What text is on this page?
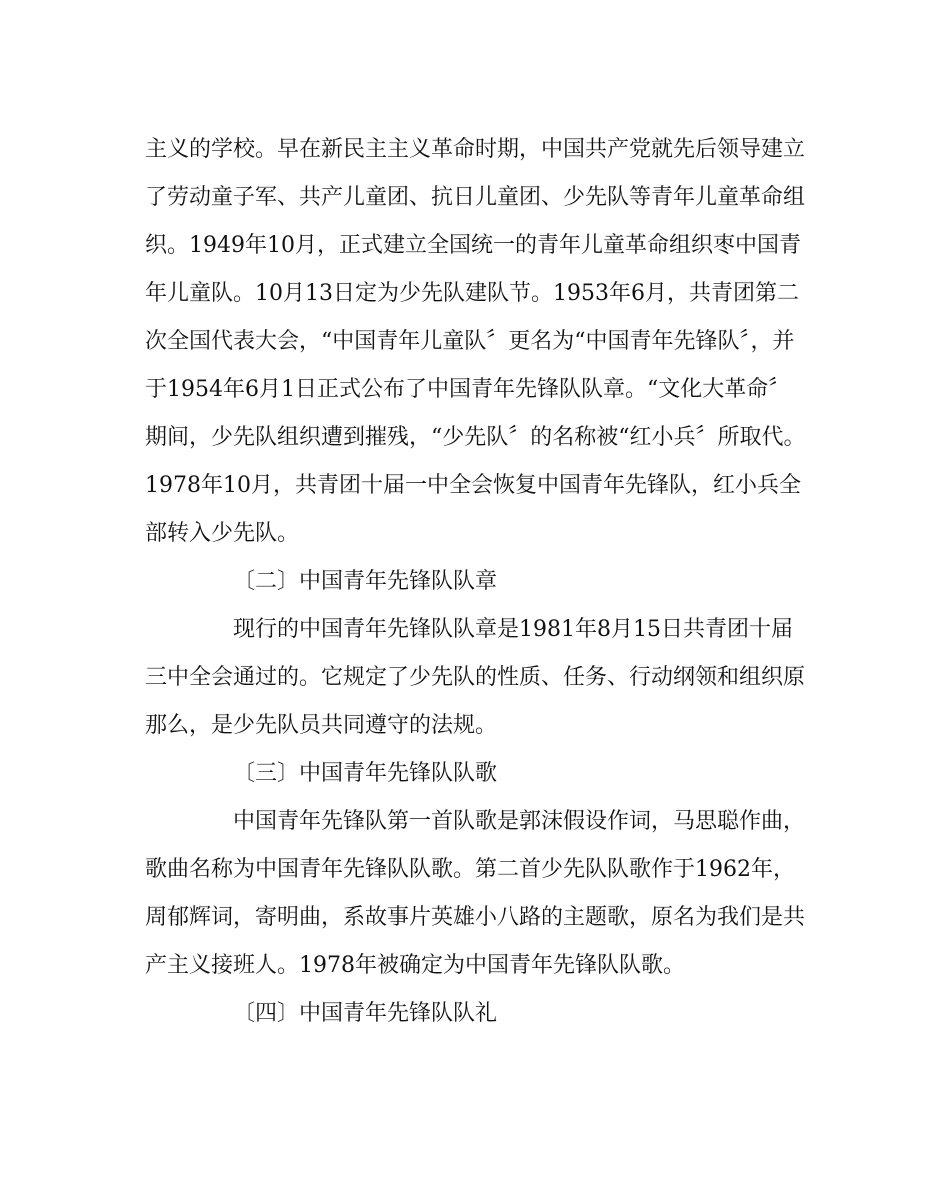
主义的学校。早在新民主主义革命时期，中国共产党就先后领导建立了劳动童子军、共产儿童团、抗日儿童团、少先队等青年儿童革命组织。1949年10月，正式建立全国统一的青年儿童革命组织枣中国青年儿童队。10月13日定为少先队建队节。1953年6月，共青团第二次全国代表大会，“中国青年儿童队〞更名为“中国青年先锋队〞，并于1954年6月1日正式公布了中国青年先锋队队章。“文化大革命〞期间，少先队组织遭到摧残，“少先队〞的名称被“红小兵〞所取代。1978年10月，共青团十届一中全会恢复中国青年先锋队，红小兵全部转入少先队。

〔二〕中国青年先锋队队章

现行的中国青年先锋队队章是1981年8月15日共青团十届三中全会通过的。它规定了少先队的性质、任务、行动纲领和组织原那么，是少先队员共同遵守的法规。

〔三〕中国青年先锋队队歌

中国青年先锋队第一首队歌是郭沫假设作词，马思聪作曲，歌曲名称为中国青年先锋队队歌。第二首少先队队歌作于1962年，周郁辉词，寄明曲，系故事片英雄小八路的主题歌，原名为我们是共产主义接班人。1978年被确定为中国青年先锋队队歌。

〔四〕中国青年先锋队队礼
